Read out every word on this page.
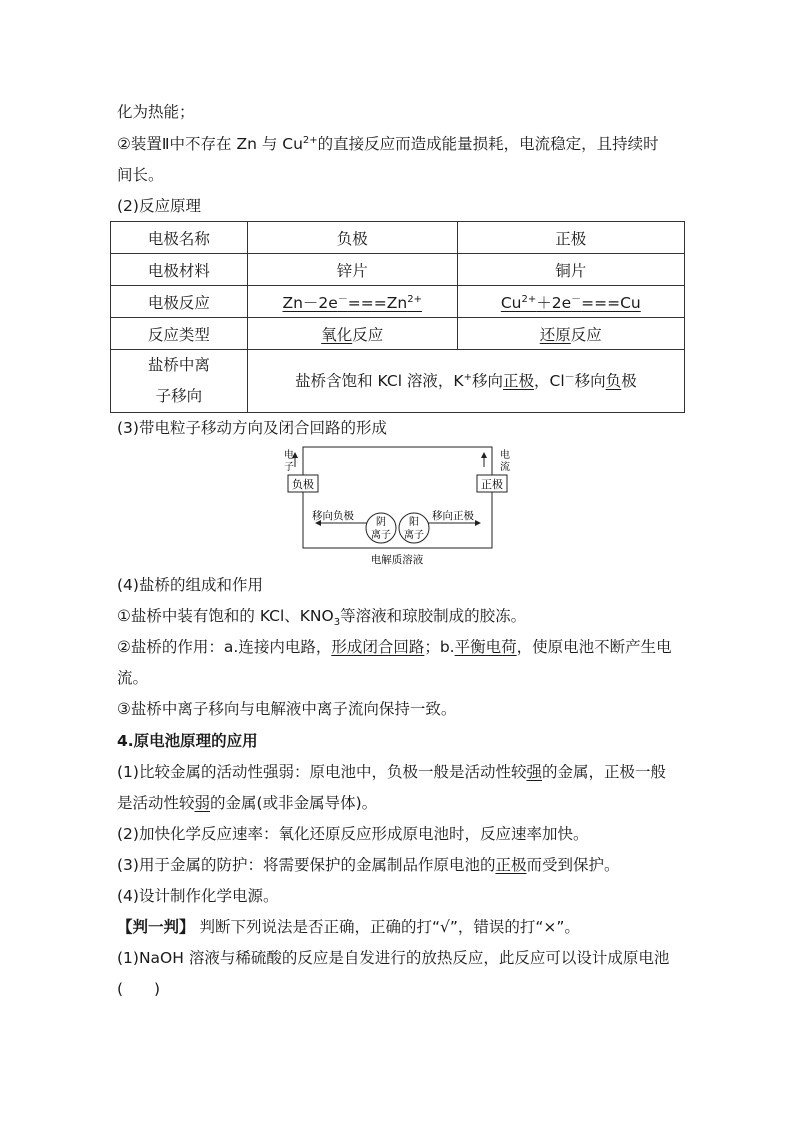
化为热能；
②装置Ⅱ中不存在 Zn 与 $Cu^{2+}$的直接反应而造成能量损耗，电流稳定，且持续时
间长。
(2)反应原理
电极名称	负极	正极
电极材料	锌片	铜片
电极反应	$Zn-2e^-===Zn^{2+}$	$Cu^{2+}+2e^-===Cu$
反应类型	氧化反应	还原反应

盐桥中离
子移向	盐桥含饱和 KCl 溶液，K+移向正极，Cl－移向负极	
(3)带电粒子移动方向及闭合回路的形成
电
子
电
流
负极	正极
移向负极	移向正极
阴
离子
阳
离子
电解质溶液
(4)盐桥的组成和作用
①盐桥中装有饱和的 KCl、$KNO_3$等溶液和琼胶制成的胶冻。
②盐桥的作用：a.连接内电路，形成闭合回路；b.平衡电荷，使原电池不断产生电
流。
③盐桥中离子移向与电解液中离子流向保持一致。
4.原电池原理的应用
(1)比较金属的活动性强弱：原电池中，负极一般是活动性较强的金属，正极一般
是活动性较弱的金属(或非金属导体)。
(2)加快化学反应速率：氧化还原反应形成原电池时，反应速率加快。
(3)用于金属的防护：将需要保护的金属制品作原电池的正极而受到保护。
(4)设计制作化学电源。
【判一判】 判断下列说法是否正确，正确的打“√”，错误的打“×”。
(1)NaOH 溶液与稀硫酸的反应是自发进行的放热反应，此反应可以设计成原电池
(　　)
